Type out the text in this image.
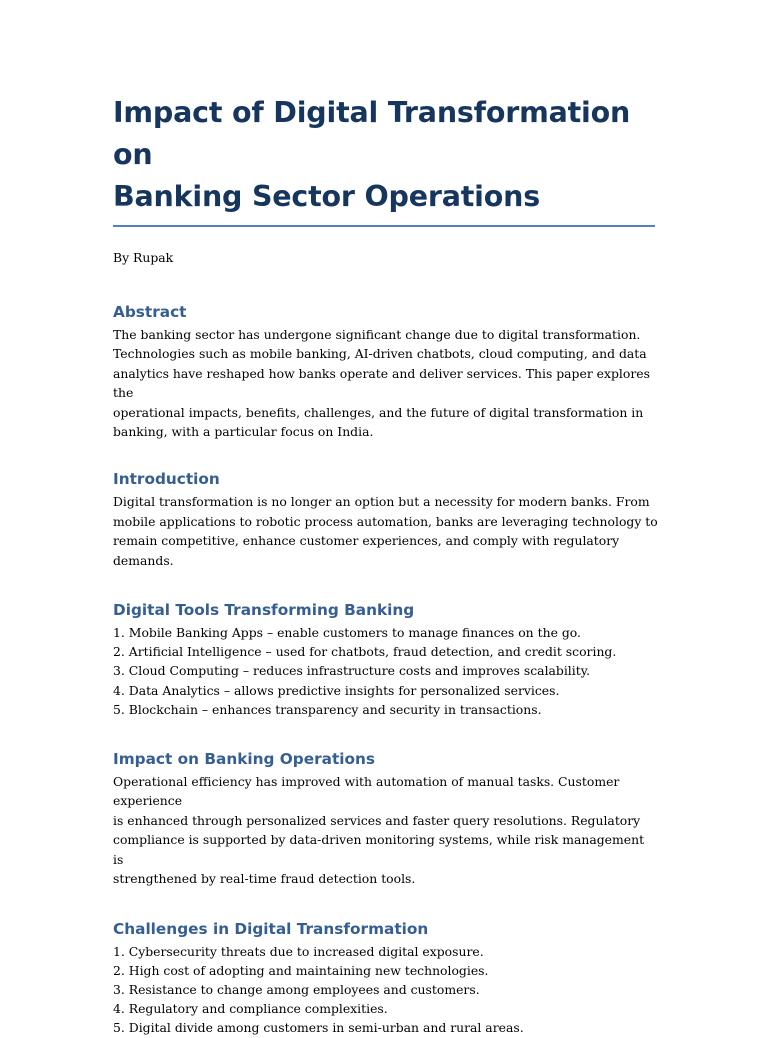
Impact of Digital Transformation on
Banking Sector Operations
By Rupak
Abstract

The banking sector has undergone significant change due to digital transformation.
Technologies such as mobile banking, AI-driven chatbots, cloud computing, and data
analytics have reshaped how banks operate and deliver services. This paper explores the
operational impacts, benefits, challenges, and the future of digital transformation in
banking, with a particular focus on India.

Introduction

Digital transformation is no longer an option but a necessity for modern banks. From
mobile applications to robotic process automation, banks are leveraging technology to
remain competitive, enhance customer experiences, and comply with regulatory demands.

Digital Tools Transforming Banking
1. Mobile Banking Apps – enable customers to manage finances on the go.
2. Artificial Intelligence – used for chatbots, fraud detection, and credit scoring.
3. Cloud Computing – reduces infrastructure costs and improves scalability.
4. Data Analytics – allows predictive insights for personalized services.
5. Blockchain – enhances transparency and security in transactions.
Impact on Banking Operations

Operational efficiency has improved with automation of manual tasks. Customer experience
is enhanced through personalized services and faster query resolutions. Regulatory
compliance is supported by data-driven monitoring systems, while risk management is
strengthened by real-time fraud detection tools.

Challenges in Digital Transformation
1. Cybersecurity threats due to increased digital exposure.
2. High cost of adopting and maintaining new technologies.
3. Resistance to change among employees and customers.
4. Regulatory and compliance complexities.
5. Digital divide among customers in semi-urban and rural areas.
